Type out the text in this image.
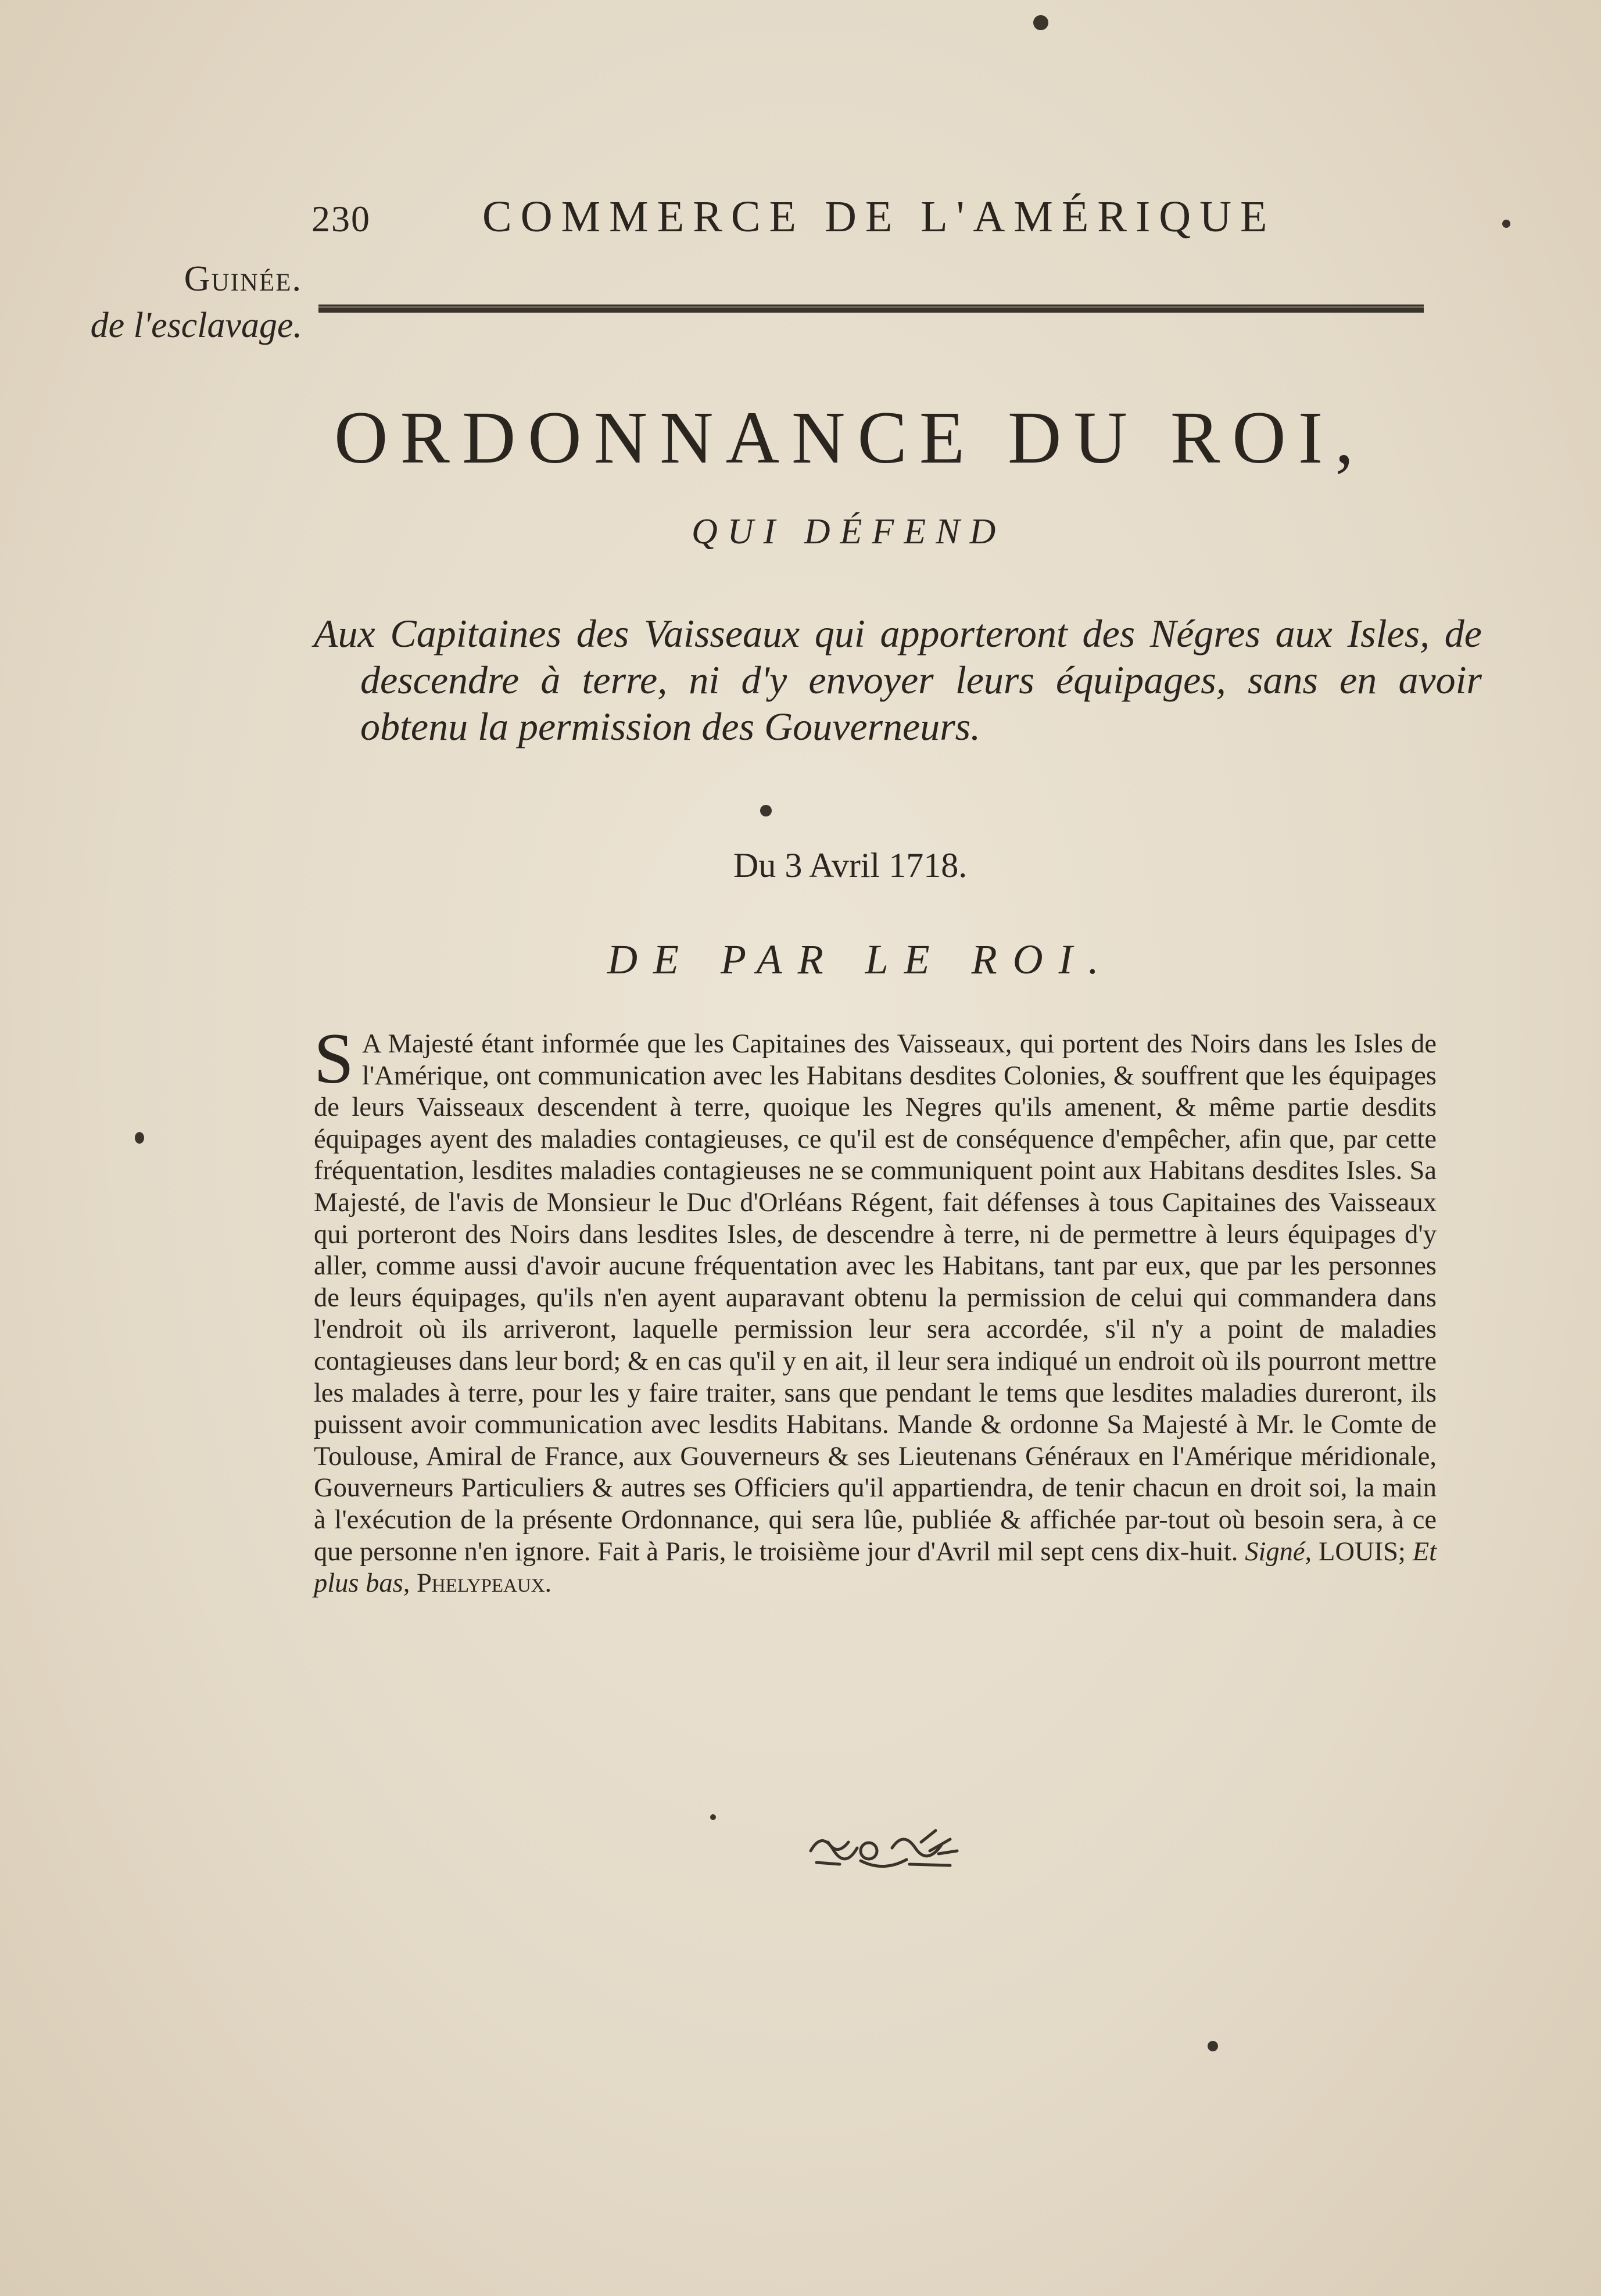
230	COMMERCE DE L'AMÉRIQUE
Guinée.
de l'esclavage.
ORDONNANCE DU ROI,
QUI DÉFEND
Aux Capitaines des Vaisseaux qui apporteront des Négres aux Isles, de descendre à terre, ni d'y envoyer leurs équipages, sans en avoir obtenu la permission des Gouverneurs.
Du 3 Avril 1718.
DE PAR LE ROI.
S A Majesté étant informée que les Capitaines des Vaisseaux, qui portent des Noirs dans les Isles de l'Amérique, ont communication avec les Habitans desdites Colonies, & souffrent que les équipages de leurs Vaisseaux descendent à terre, quoique les Negres qu'ils amenent, & même partie desdits équipages ayent des maladies contagieuses, ce qu'il est de conséquence d'empêcher, afin que, par cette fréquentation, lesdites maladies contagieuses ne se communiquent point aux Habitans desdites Isles. Sa Majesté, de l'avis de Monsieur le Duc d'Orléans Régent, fait défenses à tous Capitaines des Vaisseaux qui porteront des Noirs dans lesdites Isles, de descendre à terre, ni de permettre à leurs équipages d'y aller, comme aussi d'avoir aucune fréquentation avec les Habitans, tant par eux, que par les personnes de leurs équipages, qu'ils n'en ayent auparavant obtenu la permission de celui qui commandera dans l'endroit où ils arriveront, laquelle permission leur sera accordée, s'il n'y a point de maladies contagieuses dans leur bord; & en cas qu'il y en ait, il leur sera indiqué un endroit où ils pourront mettre les malades à terre, pour les y faire traiter, sans que pendant le tems que lesdites maladies dureront, ils puissent avoir communication avec lesdits Habitans. Mande & ordonne Sa Majesté à Mr. le Comte de Toulouse, Amiral de France, aux Gouverneurs & ses Lieutenans Généraux en l'Amérique méridionale, Gouverneurs Particuliers & autres ses Officiers qu'il appartiendra, de tenir chacun en droit soi, la main à l'exécution de la présente Ordonnance, qui sera lûe, publiée & affichée par-tout où besoin sera, à ce que personne n'en ignore. Fait à Paris, le troisième jour d'Avril mil sept cens dix-huit. Signé, LOUIS; Et plus bas, Phelypeaux.
